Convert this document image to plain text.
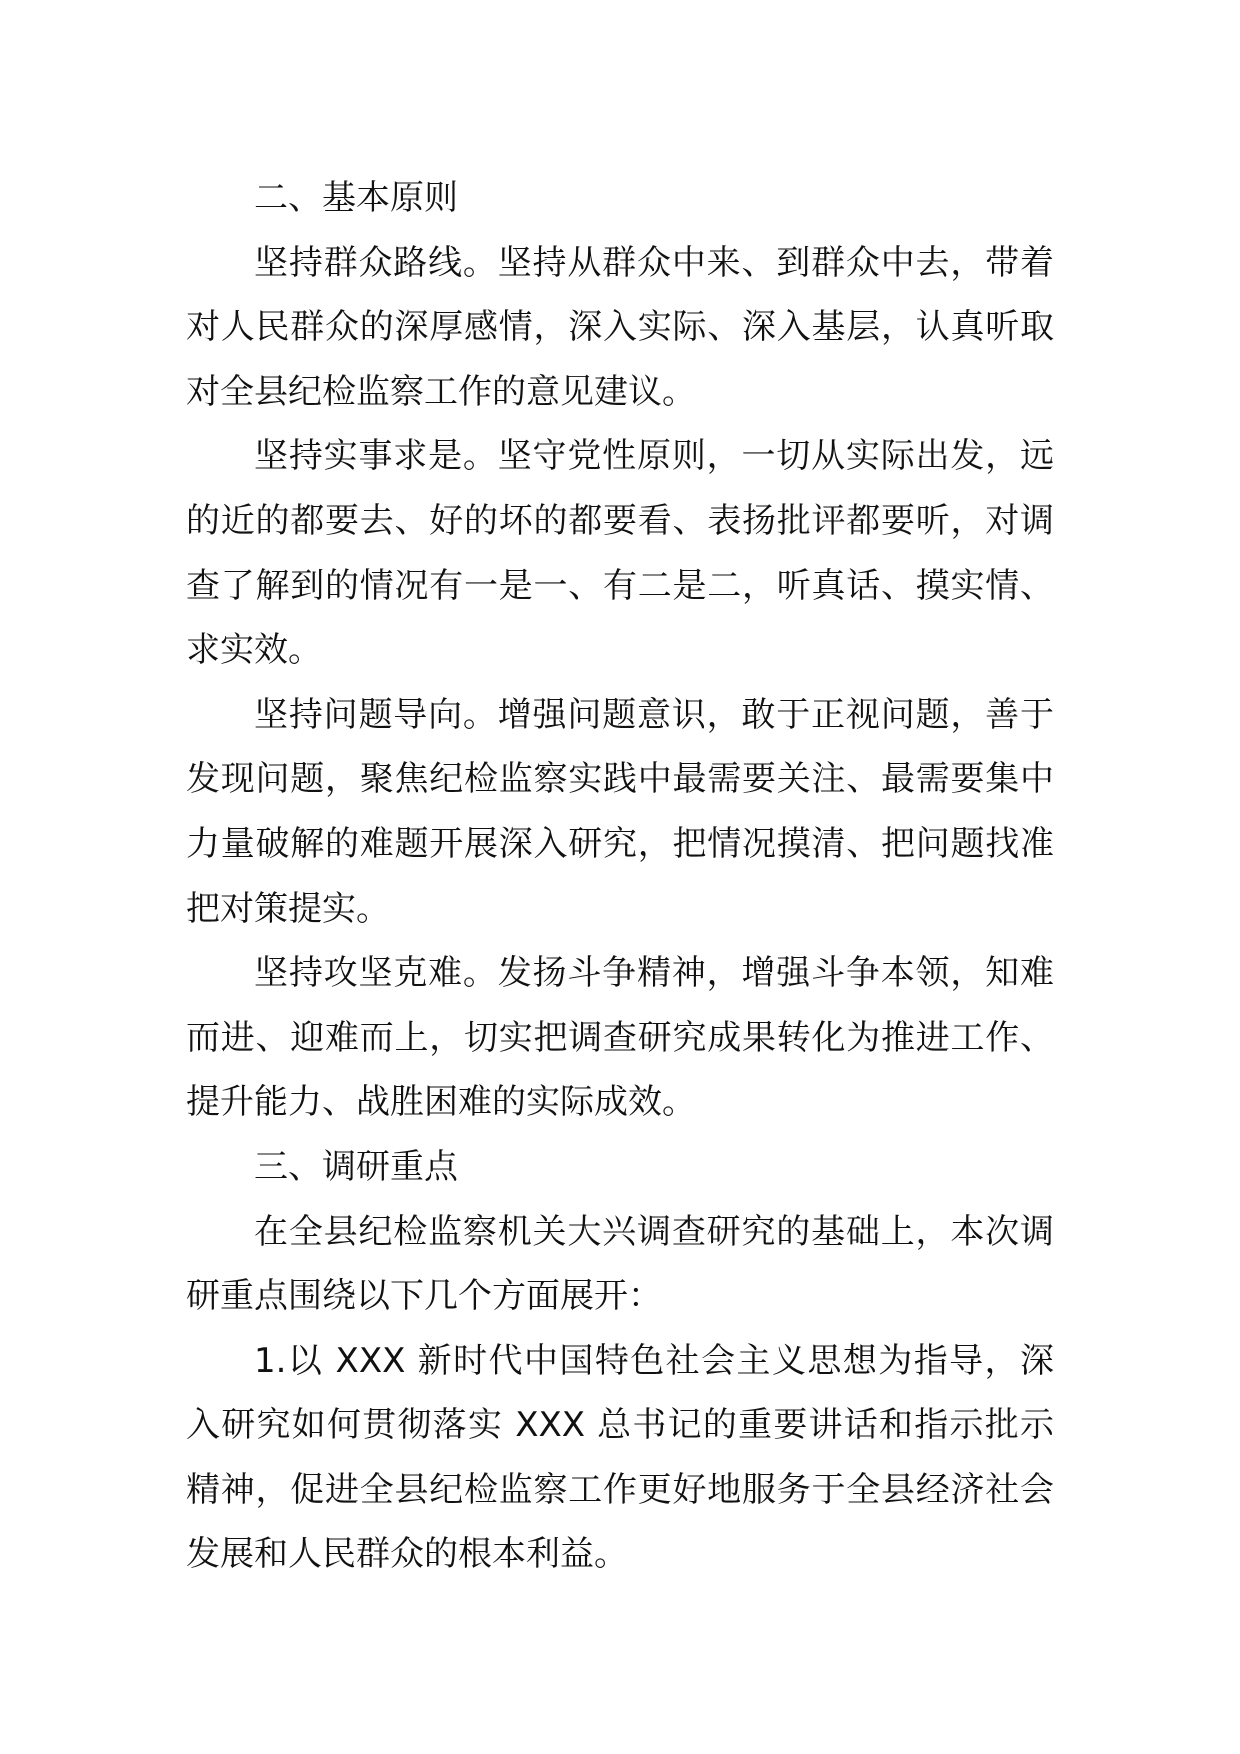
二、基本原则

坚持群众路线。坚持从群众中来、到群众中去，带着对人民群众的深厚感情，深入实际、深入基层，认真听取对全县纪检监察工作的意见建议。

坚持实事求是。坚守党性原则，一切从实际出发，远的近的都要去、好的坏的都要看、表扬批评都要听，对调查了解到的情况有一是一、有二是二，听真话、摸实情、求实效。

坚持问题导向。增强问题意识，敢于正视问题，善于发现问题，聚焦纪检监察实践中最需要关注、最需要集中力量破解的难题开展深入研究，把情况摸清、把问题找准把对策提实。

坚持攻坚克难。发扬斗争精神，增强斗争本领，知难而进、迎难而上，切实把调查研究成果转化为推进工作、提升能力、战胜困难的实际成效。

三、调研重点

在全县纪检监察机关大兴调查研究的基础上，本次调研重点围绕以下几个方面展开：

1.以 XXX 新时代中国特色社会主义思想为指导，深入研究如何贯彻落实 XXX 总书记的重要讲话和指示批示精神，促进全县纪检监察工作更好地服务于全县经济社会发展和人民群众的根本利益。
